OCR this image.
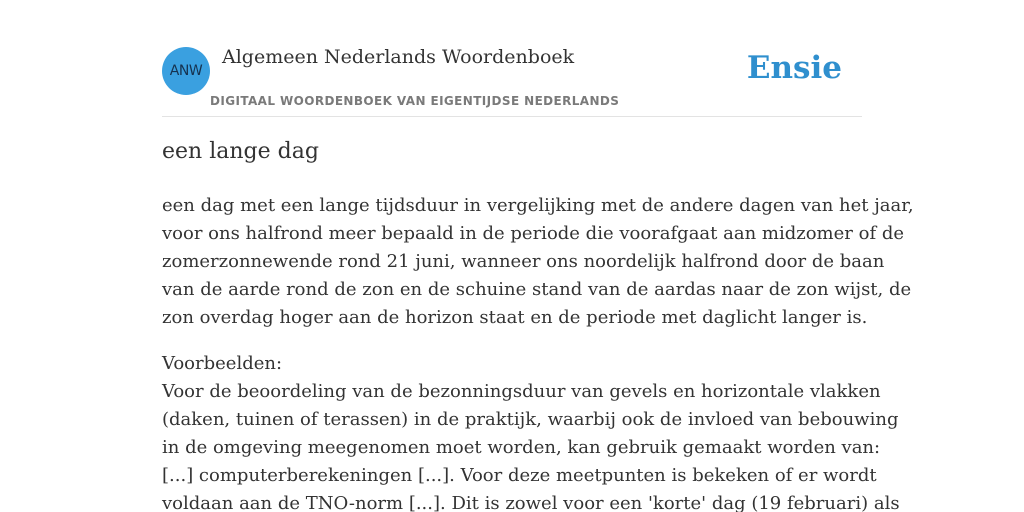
ANW
Algemeen Nederlands Woordenboek
DIGITAAL WOORDENBOEK VAN EIGENTIJDSE NEDERLANDS
Ensie
een lange dag

een dag met een lange tijdsduur in vergelijking met de andere dagen van het jaar,
voor ons halfrond meer bepaald in de periode die voorafgaat aan midzomer of de
zomerzonnewende rond 21 juni, wanneer ons noordelijk halfrond door de baan
van de aarde rond de zon en de schuine stand van de aardas naar de zon wijst, de
zon overdag hoger aan de horizon staat en de periode met daglicht langer is.

Voorbeelden:
Voor de beoordeling van de bezonningsduur van gevels en horizontale vlakken
(daken, tuinen of terassen) in de praktijk, waarbij ook de invloed van bebouwing
in de omgeving meegenomen moet worden, kan gebruik gemaakt worden van:
[...] computerberekeningen [...]. Voor deze meetpunten is bekeken of er wordt
voldaan aan de TNO-norm [...]. Dit is zowel voor een 'korte' dag (19 februari) als
